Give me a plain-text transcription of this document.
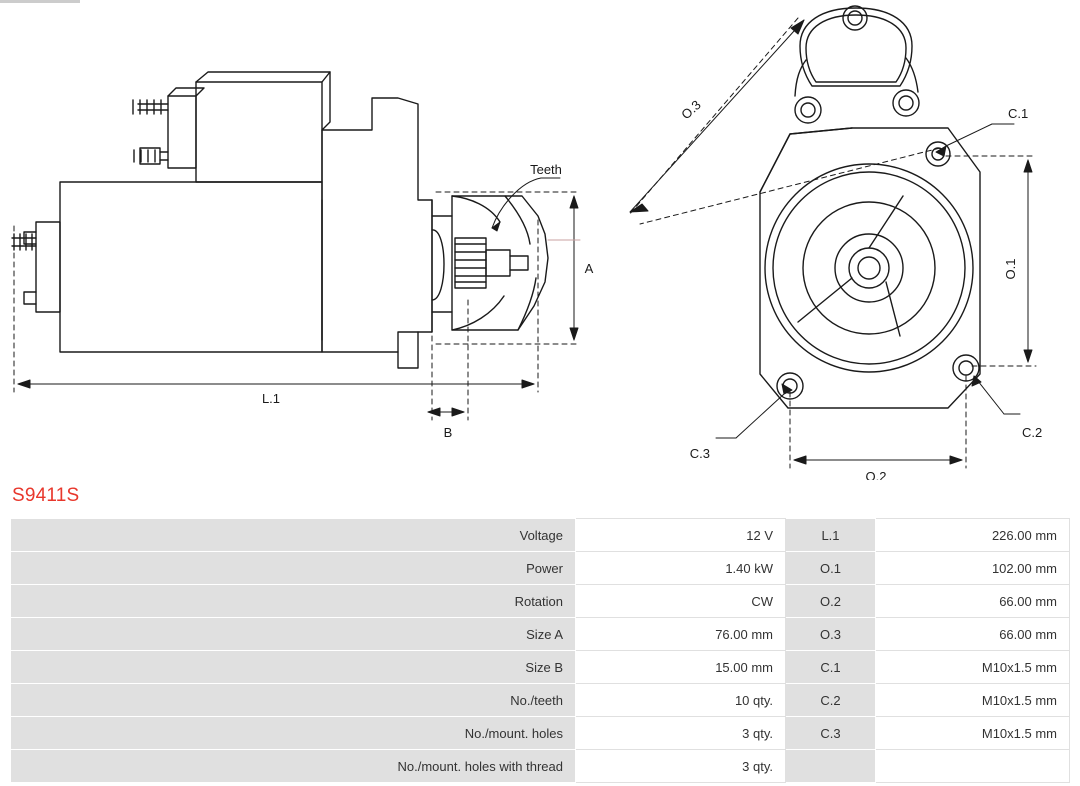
L.1
A
B
Teeth
O.3
O.1
O.2
C.1
C.2
C.3
S9411S
Voltage	12 V	L.1	226.00 mm
Power	1.40 kW	O.1	102.00 mm
Rotation	CW	O.2	66.00 mm
Size A	76.00 mm	O.3	66.00 mm
Size B	15.00 mm	C.1	M10x1.5 mm
No./teeth	10 qty.	C.2	M10x1.5 mm
No./mount. holes	3 qty.	C.3	M10x1.5 mm
No./mount. holes with thread	3 qty.		
